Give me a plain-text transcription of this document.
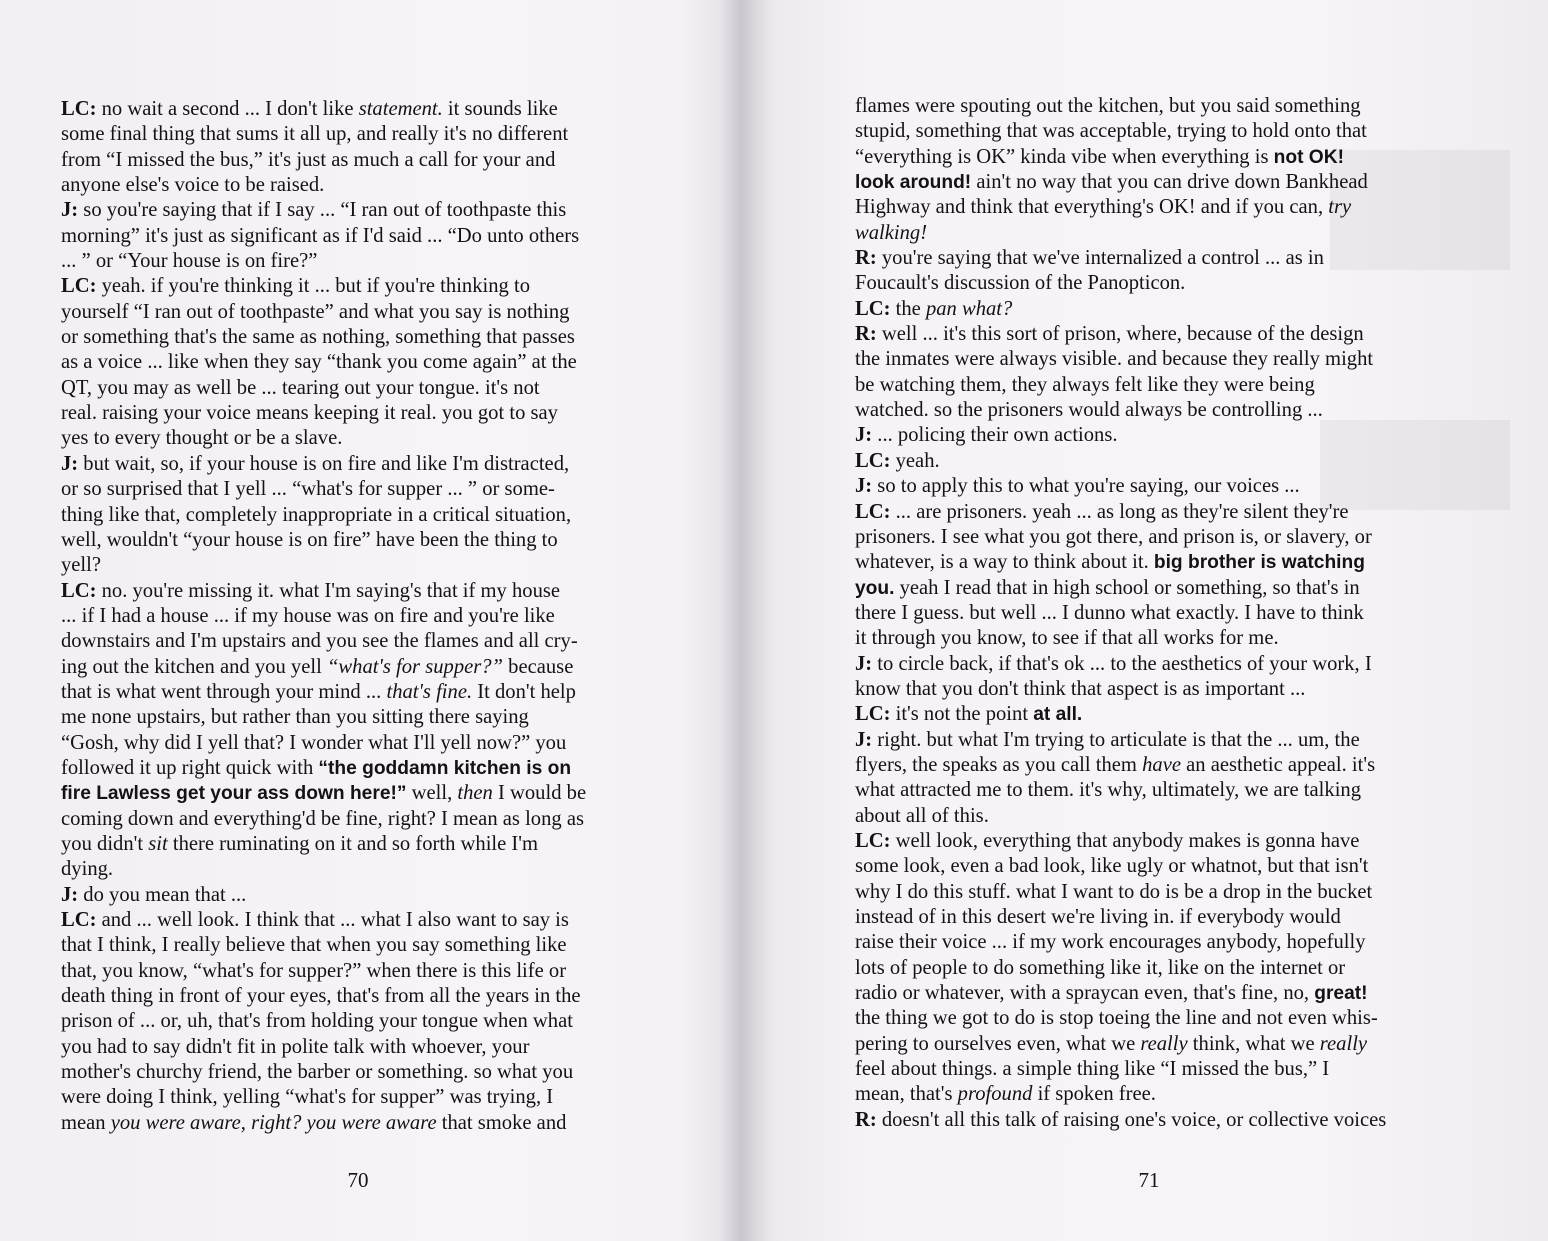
LC: no wait a second ... I don't like statement. it sounds like
some final thing that sums it all up, and really it's no different
from “I missed the bus,” it's just as much a call for your and
anyone else's voice to be raised.
J: so you're saying that if I say ... “I ran out of toothpaste this
morning” it's just as significant as if I'd said ... “Do unto others
... ” or “Your house is on fire?”
LC: yeah. if you're thinking it ... but if you're thinking to
yourself “I ran out of toothpaste” and what you say is nothing
or something that's the same as nothing, something that passes
as a voice ... like when they say “thank you come again” at the
QT, you may as well be ... tearing out your tongue. it's not
real. raising your voice means keeping it real. you got to say
yes to every thought or be a slave.
J: but wait, so, if your house is on fire and like I'm distracted,
or so surprised that I yell ... “what's for supper ... ” or some-
thing like that, completely inappropriate in a critical situation,
well, wouldn't “your house is on fire” have been the thing to
yell?
LC: no. you're missing it. what I'm saying's that if my house
... if I had a house ... if my house was on fire and you're like
downstairs and I'm upstairs and you see the flames and all cry-
ing out the kitchen and you yell “what's for supper?” because
that is what went through your mind ... that's fine. It don't help
me none upstairs, but rather than you sitting there saying
“Gosh, why did I yell that? I wonder what I'll yell now?” you
followed it up right quick with “the goddamn kitchen is on
fire Lawless get your ass down here!” well, then I would be
coming down and everything'd be fine, right? I mean as long as
you didn't sit there ruminating on it and so forth while I'm
dying.
J: do you mean that ...
LC: and ... well look. I think that ... what I also want to say is
that I think, I really believe that when you say something like
that, you know, “what's for supper?” when there is this life or
death thing in front of your eyes, that's from all the years in the
prison of ... or, uh, that's from holding your tongue when what
you had to say didn't fit in polite talk with whoever, your
mother's churchy friend, the barber or something. so what you
were doing I think, yelling “what's for supper” was trying, I
mean you were aware, right? you were aware that smoke and
70
flames were spouting out the kitchen, but you said something
stupid, something that was acceptable, trying to hold onto that
“everything is OK” kinda vibe when everything is not OK!
look around! ain't no way that you can drive down Bankhead
Highway and think that everything's OK! and if you can, try
walking!
R: you're saying that we've internalized a control ... as in
Foucault's discussion of the Panopticon.
LC: the pan what?
R: well ... it's this sort of prison, where, because of the design
the inmates were always visible. and because they really might
be watching them, they always felt like they were being
watched. so the prisoners would always be controlling ...
J: ... policing their own actions.
LC: yeah.
J: so to apply this to what you're saying, our voices ...
LC: ... are prisoners. yeah ... as long as they're silent they're
prisoners. I see what you got there, and prison is, or slavery, or
whatever, is a way to think about it. big brother is watching
you. yeah I read that in high school or something, so that's in
there I guess. but well ... I dunno what exactly. I have to think
it through you know, to see if that all works for me.
J: to circle back, if that's ok ... to the aesthetics of your work, I
know that you don't think that aspect is as important ...
LC: it's not the point at all.
J: right. but what I'm trying to articulate is that the ... um, the
flyers, the speaks as you call them have an aesthetic appeal. it's
what attracted me to them. it's why, ultimately, we are talking
about all of this.
LC: well look, everything that anybody makes is gonna have
some look, even a bad look, like ugly or whatnot, but that isn't
why I do this stuff. what I want to do is be a drop in the bucket
instead of in this desert we're living in. if everybody would
raise their voice ... if my work encourages anybody, hopefully
lots of people to do something like it, like on the internet or
radio or whatever, with a spraycan even, that's fine, no, great!
the thing we got to do is stop toeing the line and not even whis-
pering to ourselves even, what we really think, what we really
feel about things. a simple thing like “I missed the bus,” I
mean, that's profound if spoken free.
R: doesn't all this talk of raising one's voice, or collective voices
71
